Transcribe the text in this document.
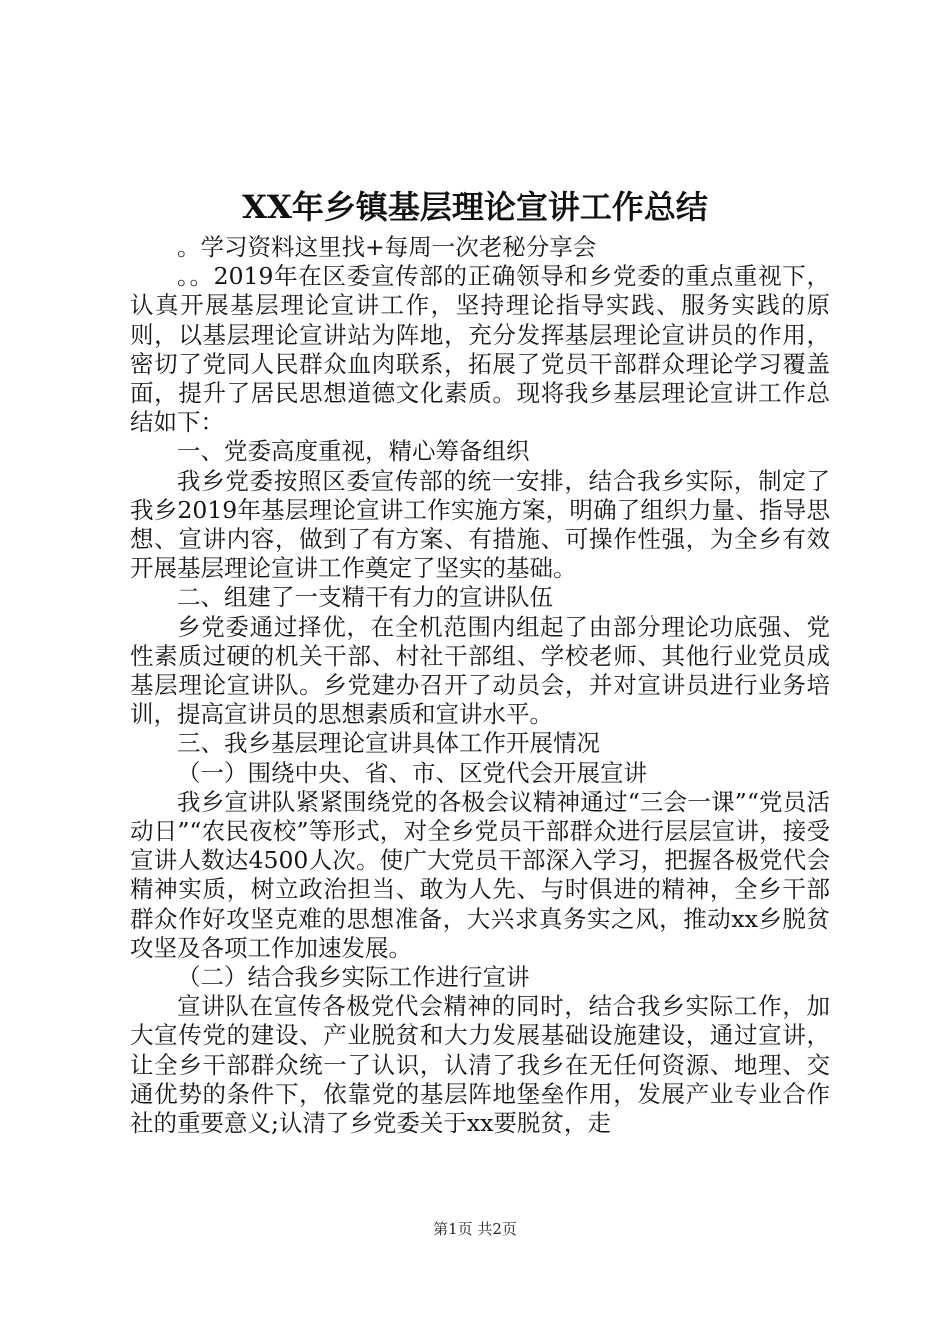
XX年乡镇基层理论宣讲工作总结

。学习资料这里找+每周一次老秘分享会

。。2019年在区委宣传部的正确领导和乡党委的重点重视下，认真开展基层理论宣讲工作，坚持理论指导实践、服务实践的原则，以基层理论宣讲站为阵地，充分发挥基层理论宣讲员的作用，密切了党同人民群众血肉联系，拓展了党员干部群众理论学习覆盖面，提升了居民思想道德文化素质。现将我乡基层理论宣讲工作总结如下：

一、党委高度重视，精心筹备组织

我乡党委按照区委宣传部的统一安排，结合我乡实际，制定了我乡2019年基层理论宣讲工作实施方案，明确了组织力量、指导思想、宣讲内容，做到了有方案、有措施、可操作性强，为全乡有效开展基层理论宣讲工作奠定了坚实的基础。

二、组建了一支精干有力的宣讲队伍

乡党委通过择优，在全机范围内组起了由部分理论功底强、党性素质过硬的机关干部、村社干部组、学校老师、其他行业党员成基层理论宣讲队。乡党建办召开了动员会，并对宣讲员进行业务培训，提高宣讲员的思想素质和宣讲水平。

三、我乡基层理论宣讲具体工作开展情况

（一）围绕中央、省、市、区党代会开展宣讲

我乡宣讲队紧紧围绕党的各极会议精神通过“三会一课”“党员活动日”“农民夜校”等形式，对全乡党员干部群众进行层层宣讲，接受宣讲人数达4500人次。使广大党员干部深入学习，把握各极党代会精神实质，树立政治担当、敢为人先、与时俱进的精神，全乡干部群众作好攻坚克难的思想准备，大兴求真务实之风，推动xx乡脱贫攻坚及各项工作加速发展。

（二）结合我乡实际工作进行宣讲

宣讲队在宣传各极党代会精神的同时，结合我乡实际工作，加大宣传党的建设、产业脱贫和大力发展基础设施建设，通过宣讲，让全乡干部群众统一了认识，认清了我乡在无任何资源、地理、交通优势的条件下，依靠党的基层阵地堡垒作用，发展产业专业合作社的重要意义;认清了乡党委关于xx要脱贫，走

第1页 共2页
